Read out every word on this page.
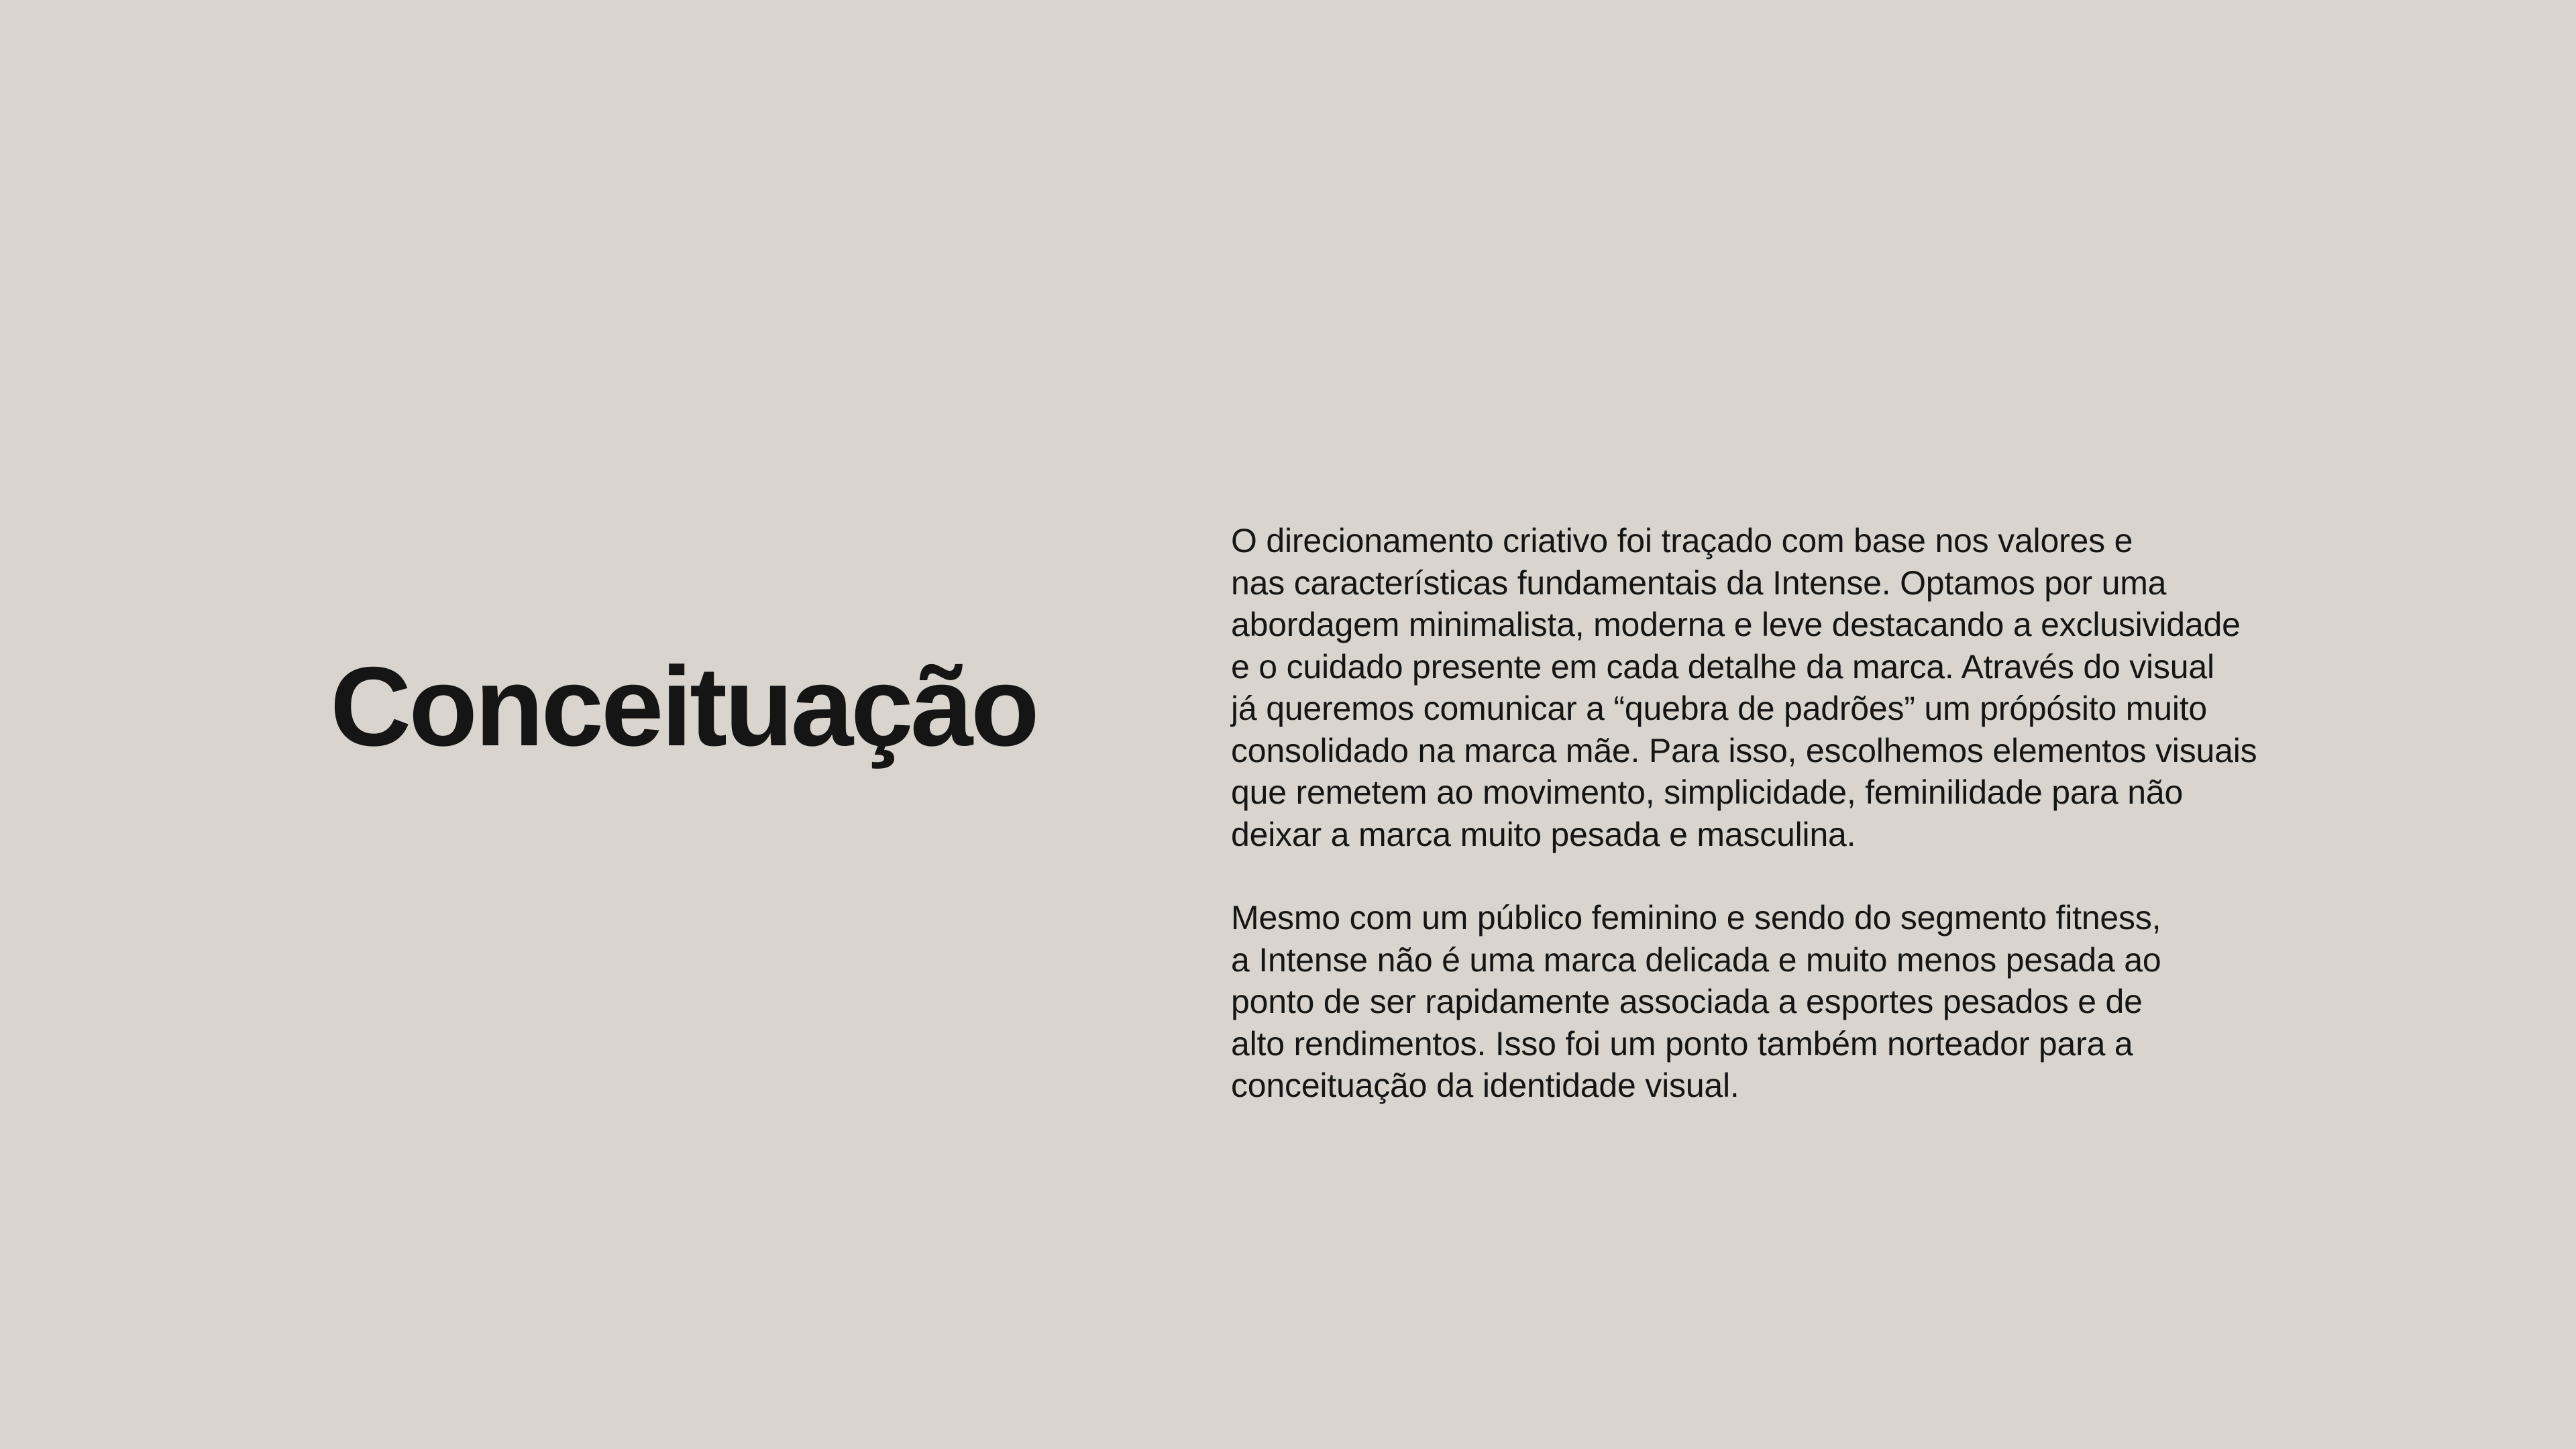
Conceituação

O direcionamento criativo foi traçado com base nos valores e
nas características fundamentais da Intense. Optamos por uma
abordagem minimalista, moderna e leve destacando a exclusividade
e o cuidado presente em cada detalhe da marca. Através do visual
já queremos comunicar a “quebra de padrões” um própósito muito
consolidado na marca mãe. Para isso, escolhemos elementos visuais
que remetem ao movimento, simplicidade, feminilidade para não
deixar a marca muito pesada e masculina.

Mesmo com um público feminino e sendo do segmento fitness,
a Intense não é uma marca delicada e muito menos pesada ao
ponto de ser rapidamente associada a esportes pesados e de
alto rendimentos. Isso foi um ponto também norteador para a
conceituação da identidade visual.
